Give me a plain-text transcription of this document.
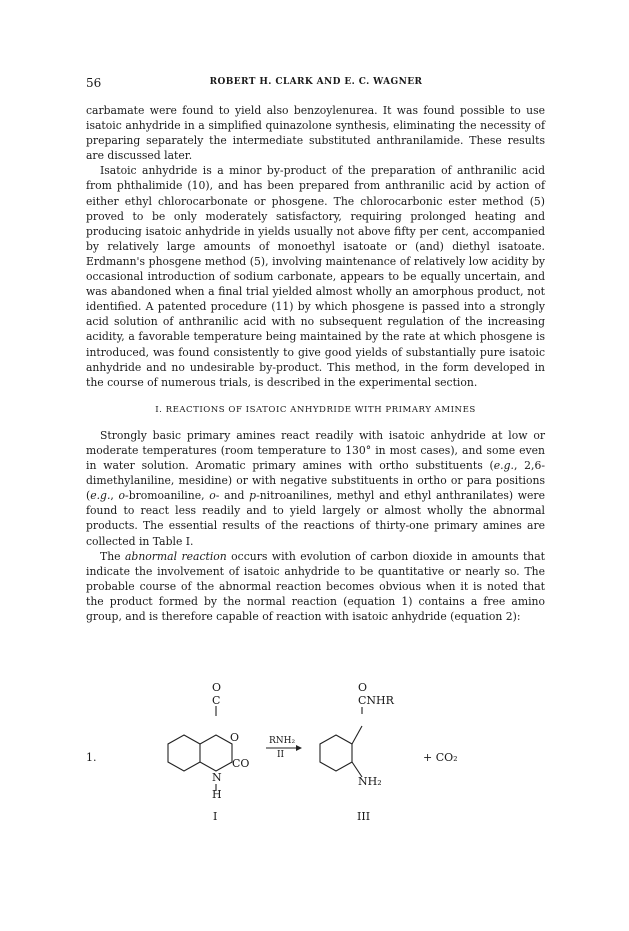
56	ROBERT H. CLARK AND E. C. WAGNER

carbamate were found to yield also benzoylenurea. It was found possible to use isatoic anhydride in a simplified quinazolone synthesis, eliminating the necessity of preparing separately the intermediate substituted anthranilamide. These results are discussed later.

Isatoic anhydride is a minor by-product of the preparation of anthranilic acid from phthalimide (10), and has been prepared from anthranilic acid by action of either ethyl chlorocarbonate or phosgene. The chlorocarbonic ester method (5) proved to be only moderately satisfactory, requiring prolonged heating and producing isatoic anhydride in yields usually not above fifty per cent, accompanied by relatively large amounts of monoethyl isatoate or (and) diethyl isatoate. Erdmann's phosgene method (5), involving maintenance of relatively low acidity by occasional introduction of sodium carbonate, appears to be equally uncertain, and was abandoned when a final trial yielded almost wholly an amorphous product, not identified. A patented procedure (11) by which phosgene is passed into a strongly acid solution of anthranilic acid with no subsequent regulation of the increasing acidity, a favorable temperature being maintained by the rate at which phosgene is introduced, was found consistently to give good yields of substantially pure isatoic anhydride and no undesirable by-product. This method, in the form developed in the course of numerous trials, is described in the experimental section.

I. REACTIONS OF ISATOIC ANHYDRIDE WITH PRIMARY AMINES

Strongly basic primary amines react readily with isatoic anhydride at low or moderate temperatures (room temperature to 130° in most cases), and some even in water solution. Aromatic primary amines with ortho substituents (e.g., 2,6-dimethylaniline, mesidine) or with negative substituents in ortho or para positions (e.g., o-bromoaniline, o- and p-nitroanilines, methyl and ethyl anthranilates) were found to react less readily and to yield largely or almost wholly the abnormal products. The essential results of the reactions of thirty-one primary amines are collected in Table I.

The abnormal reaction occurs with evolution of carbon dioxide in amounts that indicate the involvement of isatoic anhydride to be quantitative or nearly so. The probable course of the abnormal reaction becomes obvious when it is noted that the product formed by the normal reaction (equation 1) contains a free amino group, and is therefore capable of reaction with isatoic anhydride (equation 2):

1.
O
C
O
CO
N
H
I
RNH₂
II
O
CNHR
NH₂
III
+ CO₂
